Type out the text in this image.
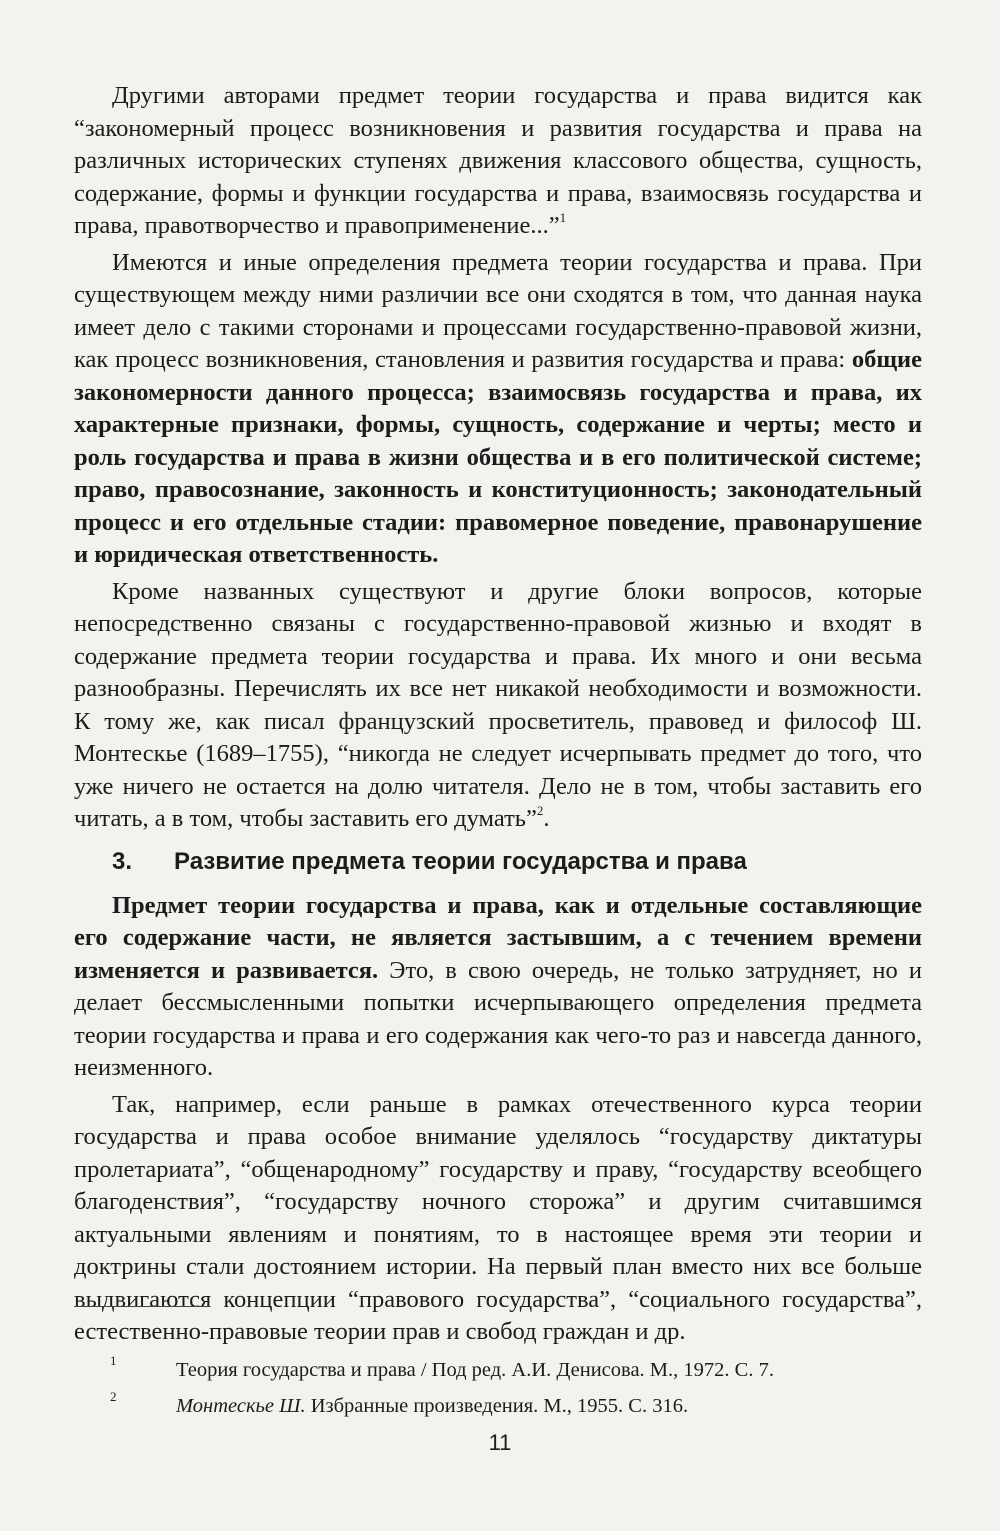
Другими авторами предмет теории государства и права видится как “закономерный процесс возникновения и развития государства и права на различных исторических ступенях движения классового общества, сущность, содержание, формы и функции государства и права, взаимосвязь государства и права, правотворчество и правоприменение...”$^1$

Имеются и иные определения предмета теории государства и права. При существующем между ними различии все они сходятся в том, что данная наука имеет дело с такими сторонами и процессами государственно-правовой жизни, как процесс возникновения, становления и развития государства и права: общие закономерности данного процесса; взаимосвязь государства и права, их характерные признаки, формы, сущность, содержание и черты; место и роль государства и права в жизни общества и в его политической системе; право, правосознание, законность и конституционность; законодательный процесс и его отдельные стадии: правомерное поведение, правонарушение и юридическая ответственность.

Кроме названных существуют и другие блоки вопросов, которые непосредственно связаны с государственно-правовой жизнью и входят в содержание предмета теории государства и права. Их много и они весьма разнообразны. Перечислять их все нет никакой необходимости и возможности. К тому же, как писал французский просветитель, правовед и философ Ш. Монтескье (1689–1755), “никогда не следует исчерпывать предмет до того, что уже ничего не остается на долю читателя. Дело не в том, чтобы заставить его читать, а в том, чтобы заставить его думать”$^2$.

3.	Развитие предмета теории государства и права

Предмет теории государства и права, как и отдельные составляющие его содержание части, не является застывшим, а с течением времени изменяется и развивается. Это, в свою очередь, не только затрудняет, но и делает бессмысленными попытки исчерпывающего определения предмета теории государства и права и его содержания как чего-то раз и навсегда данного, неизменного.

Так, например, если раньше в рамках отечественного курса теории государства и права особое внимание уделялось “государству диктатуры пролетариата”, “общенародному” государству и праву, “государству всеобщего благоденствия”, “государству ночного сторожа” и другим считавшимся актуальными явлениям и понятиям, то в настоящее время эти теории и доктрины стали достоянием истории. На первый план вместо них все больше выдвигаются концепции “правового государства”, “социального государства”, естественно-правовые теории прав и свобод граждан и др.

1	Теория государства и права / Под ред. А.И. Денисова. М., 1972. С. 7.
2	Монтескье Ш. Избранные произведения. М., 1955. С. 316.
11
